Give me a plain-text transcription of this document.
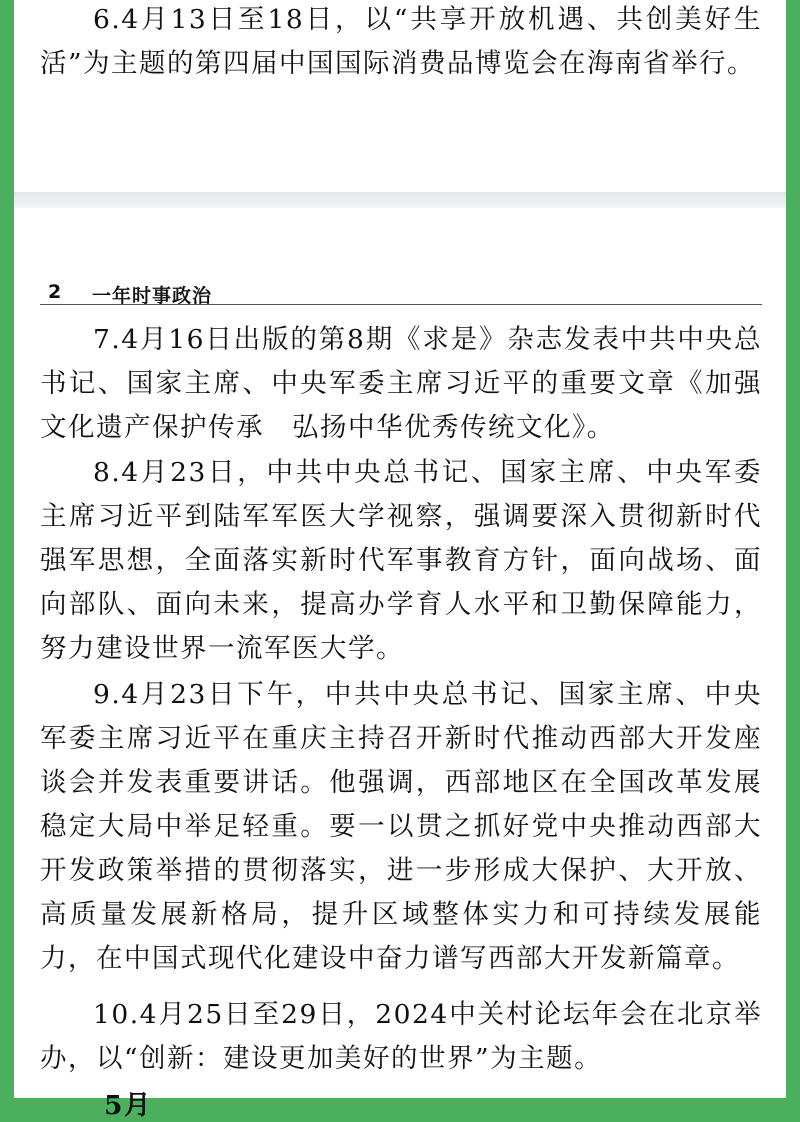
6.4月13日至18日，以“共享开放机遇、共创美好生活”为主题的第四届中国国际消费品博览会在海南省举行。

2 一年时事政治

7.4月16日出版的第8期《求是》杂志发表中共中央总书记、国家主席、中央军委主席习近平的重要文章《加强文化遗产保护传承　弘扬中华优秀传统文化》。

8.4月23日，中共中央总书记、国家主席、中央军委主席习近平到陆军军医大学视察，强调要深入贯彻新时代强军思想，全面落实新时代军事教育方针，面向战场、面向部队、面向未来，提高办学育人水平和卫勤保障能力，努力建设世界一流军医大学。

9.4月23日下午，中共中央总书记、国家主席、中央军委主席习近平在重庆主持召开新时代推动西部大开发座谈会并发表重要讲话。他强调，西部地区在全国改革发展稳定大局中举足轻重。要一以贯之抓好党中央推动西部大开发政策举措的贯彻落实，进一步形成大保护、大开放、高质量发展新格局，提升区域整体实力和可持续发展能力，在中国式现代化建设中奋力谱写西部大开发新篇章。

10.4月25日至29日，2024中关村论坛年会在北京举办，以“创新：建设更加美好的世界”为主题。

5月
